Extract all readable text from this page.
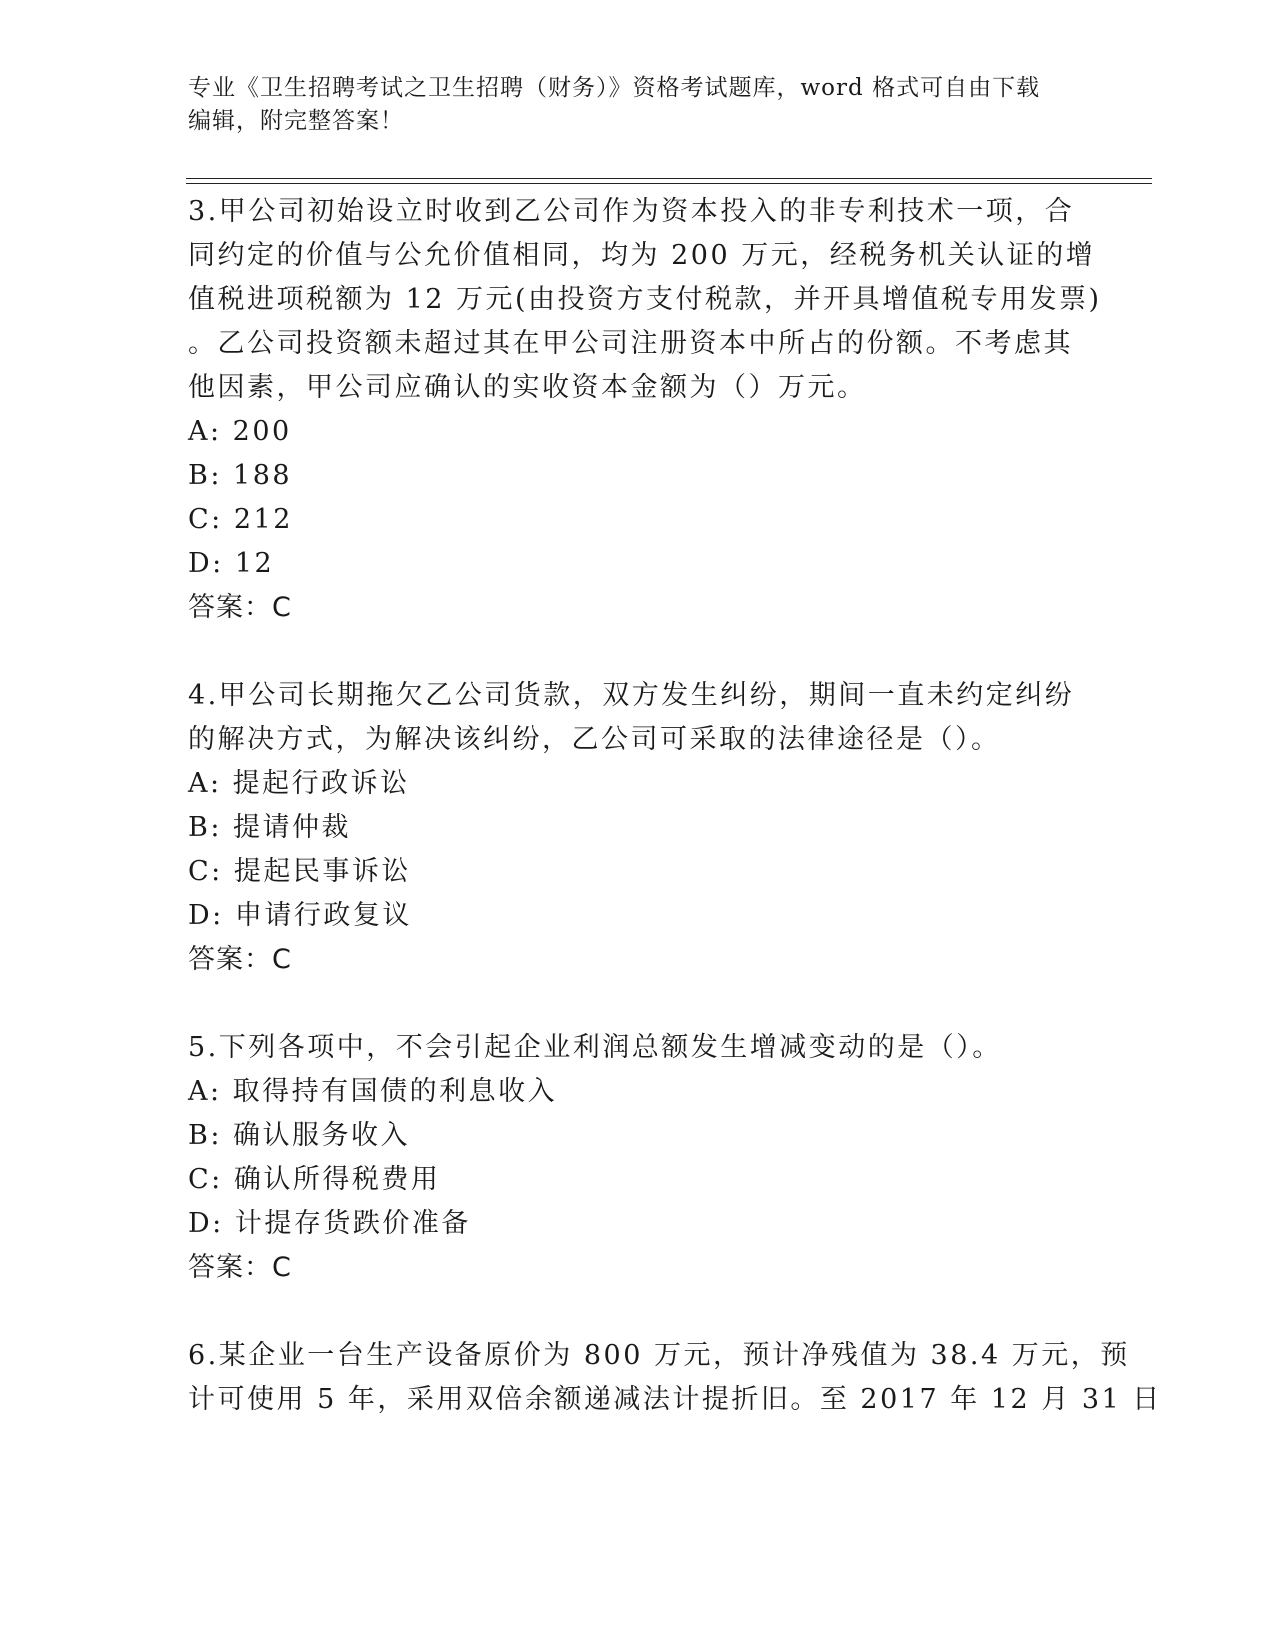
专业《卫生招聘考试之卫生招聘（财务）》资格考试题库，word 格式可自由下载
编辑，附完整答案！
3.甲公司初始设立时收到乙公司作为资本投入的非专利技术一项，合
同约定的价值与公允价值相同，均为 200 万元，经税务机关认证的增
值税进项税额为 12 万元(由投资方支付税款，并开具增值税专用发票)
。乙公司投资额未超过其在甲公司注册资本中所占的份额。不考虑其
他因素，甲公司应确认的实收资本金额为（）万元。
A: 200
B: 188
C: 212
D: 12
答案：C
4.甲公司长期拖欠乙公司货款，双方发生纠纷，期间一直未约定纠纷
的解决方式，为解决该纠纷，乙公司可采取的法律途径是（）。
A: 提起行政诉讼
B: 提请仲裁
C: 提起民事诉讼
D: 申请行政复议
答案：C
5.下列各项中，不会引起企业利润总额发生增减变动的是（）。
A: 取得持有国债的利息收入
B: 确认服务收入
C: 确认所得税费用
D: 计提存货跌价准备
答案：C
6.某企业一台生产设备原价为 800 万元，预计净残值为 38.4 万元，预
计可使用 5 年，采用双倍余额递减法计提折旧。至 2017 年 12 月 31 日
